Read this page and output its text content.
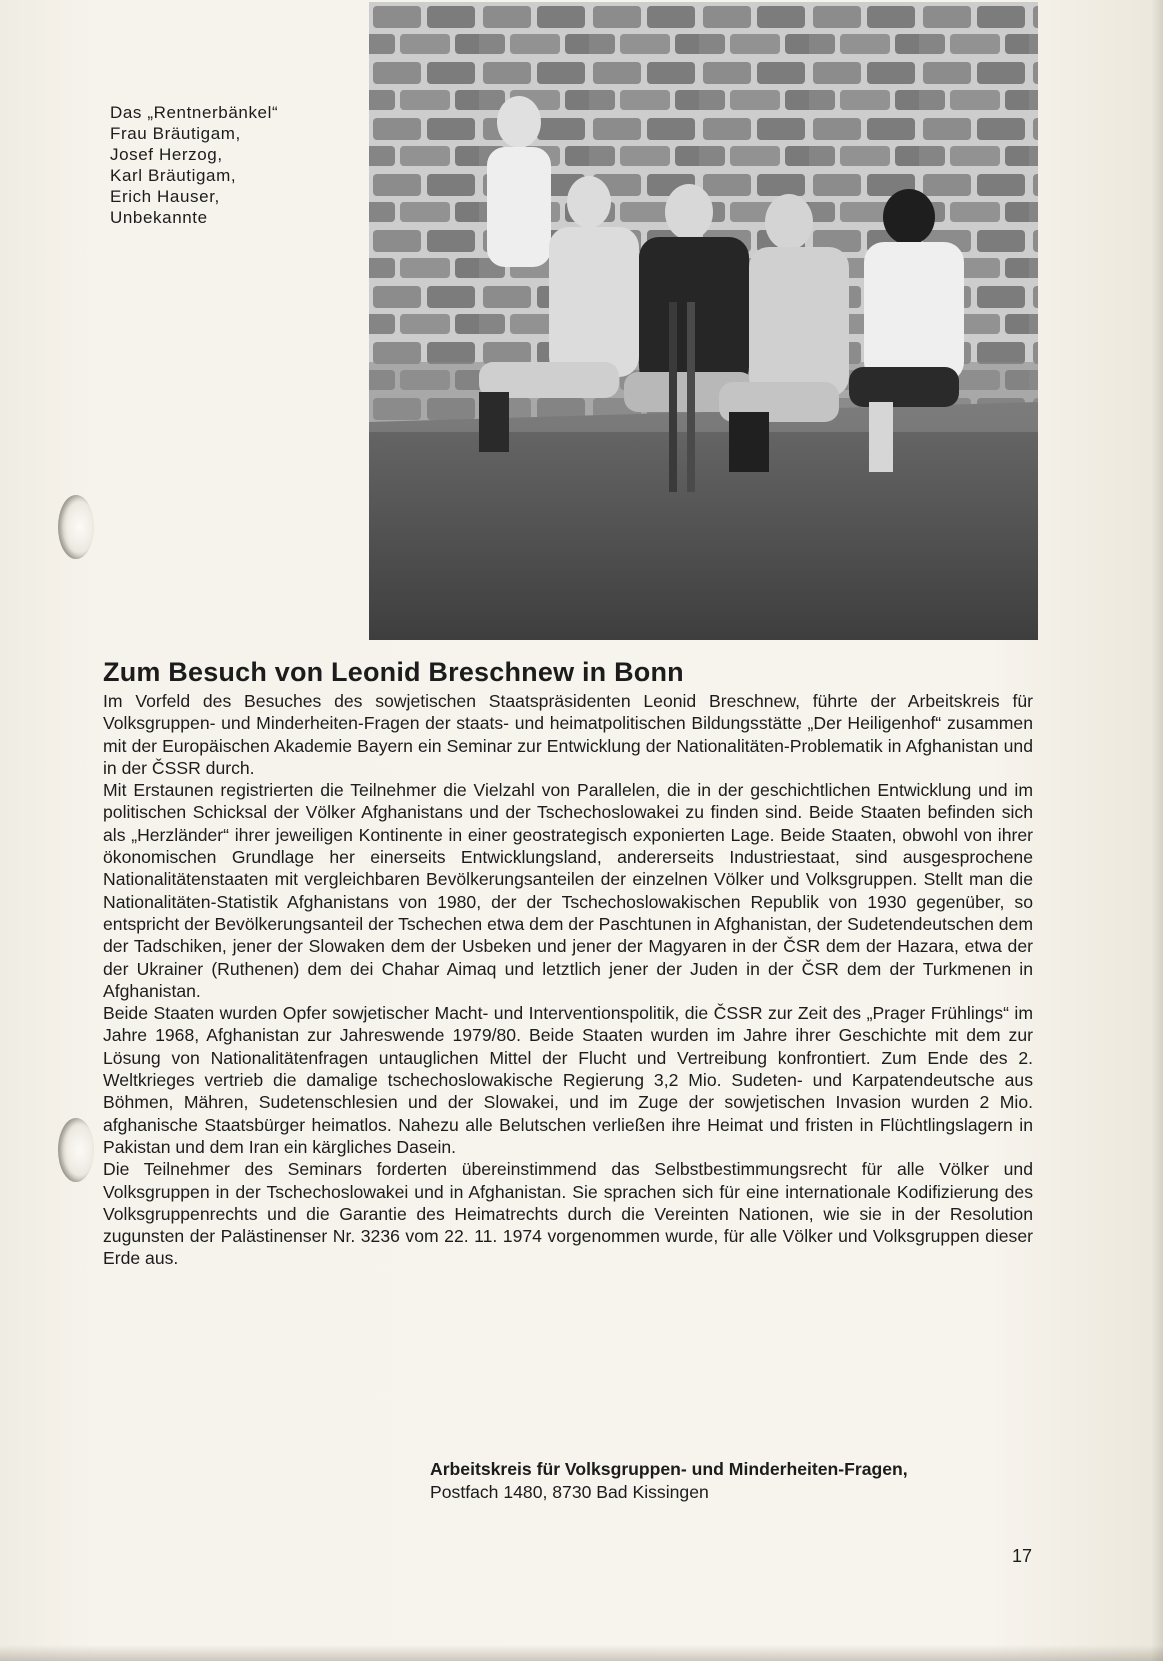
Das „Rentnerbänkel“
Frau Bräutigam,
Josef Herzog,
Karl Bräutigam,
Erich Hauser,
Unbekannte
Zum Besuch von Leonid Breschnew in Bonn

Im Vorfeld des Besuches des sowjetischen Staatspräsidenten Leonid Breschnew, führte der Arbeitskreis für Volksgruppen- und Minderheiten-Fragen der staats- und heimatpolitischen Bildungsstätte „Der Heiligenhof“ zusammen mit der Europäischen Akademie Bayern ein Seminar zur Entwicklung der Nationalitäten-Problematik in Afghanistan und in der ČSSR durch.

Mit Erstaunen registrierten die Teilnehmer die Vielzahl von Parallelen, die in der geschichtlichen Entwicklung und im politischen Schicksal der Völker Afghanistans und der Tschechoslowakei zu finden sind. Beide Staaten befinden sich als „Herzländer“ ihrer jeweiligen Kontinente in einer geostrategisch exponierten Lage. Beide Staaten, obwohl von ihrer ökonomischen Grundlage her einerseits Entwicklungsland, andererseits Industriestaat, sind ausgesprochene Nationalitätenstaaten mit vergleichbaren Bevölkerungsanteilen der einzelnen Völker und Volksgruppen. Stellt man die Nationalitäten-Statistik Afghanistans von 1980, der der Tschechoslowakischen Republik von 1930 gegenüber, so entspricht der Bevölkerungsanteil der Tschechen etwa dem der Paschtunen in Afghanistan, der Sudetendeutschen dem der Tadschiken, jener der Slowaken dem der Usbeken und jener der Magyaren in der ČSR dem der Hazara, etwa der der Ukrainer (Ruthenen) dem dei Chahar Aimaq und letztlich jener der Juden in der ČSR dem der Turkmenen in Afghanistan.

Beide Staaten wurden Opfer sowjetischer Macht- und Interventionspolitik, die ČSSR zur Zeit des „Prager Frühlings“ im Jahre 1968, Afghanistan zur Jahreswende 1979/80. Beide Staaten wurden im Jahre ihrer Geschichte mit dem zur Lösung von Nationalitätenfragen untauglichen Mittel der Flucht und Vertreibung konfrontiert. Zum Ende des 2. Weltkrieges vertrieb die damalige tschechoslowakische Regierung 3,2 Mio. Sudeten- und Karpatendeutsche aus Böhmen, Mähren, Sudetenschlesien und der Slowakei, und im Zuge der sowjetischen Invasion wurden 2 Mio. afghanische Staatsbürger heimatlos. Nahezu alle Belutschen verließen ihre Heimat und fristen in Flüchtlingslagern in Pakistan und dem Iran ein kärgliches Dasein.

Die Teilnehmer des Seminars forderten übereinstimmend das Selbstbestimmungsrecht für alle Völker und Volksgruppen in der Tschechoslowakei und in Afghanistan. Sie sprachen sich für eine internationale Kodifizierung des Volksgruppenrechts und die Garantie des Heimatrechts durch die Vereinten Nationen, wie sie in der Resolution zugunsten der Palästinenser Nr. 3236 vom 22. 11. 1974 vorgenommen wurde, für alle Völker und Volksgruppen dieser Erde aus.

Arbeitskreis für Volksgruppen- und Minderheiten-Fragen,
Postfach 1480, 8730 Bad Kissingen
17
